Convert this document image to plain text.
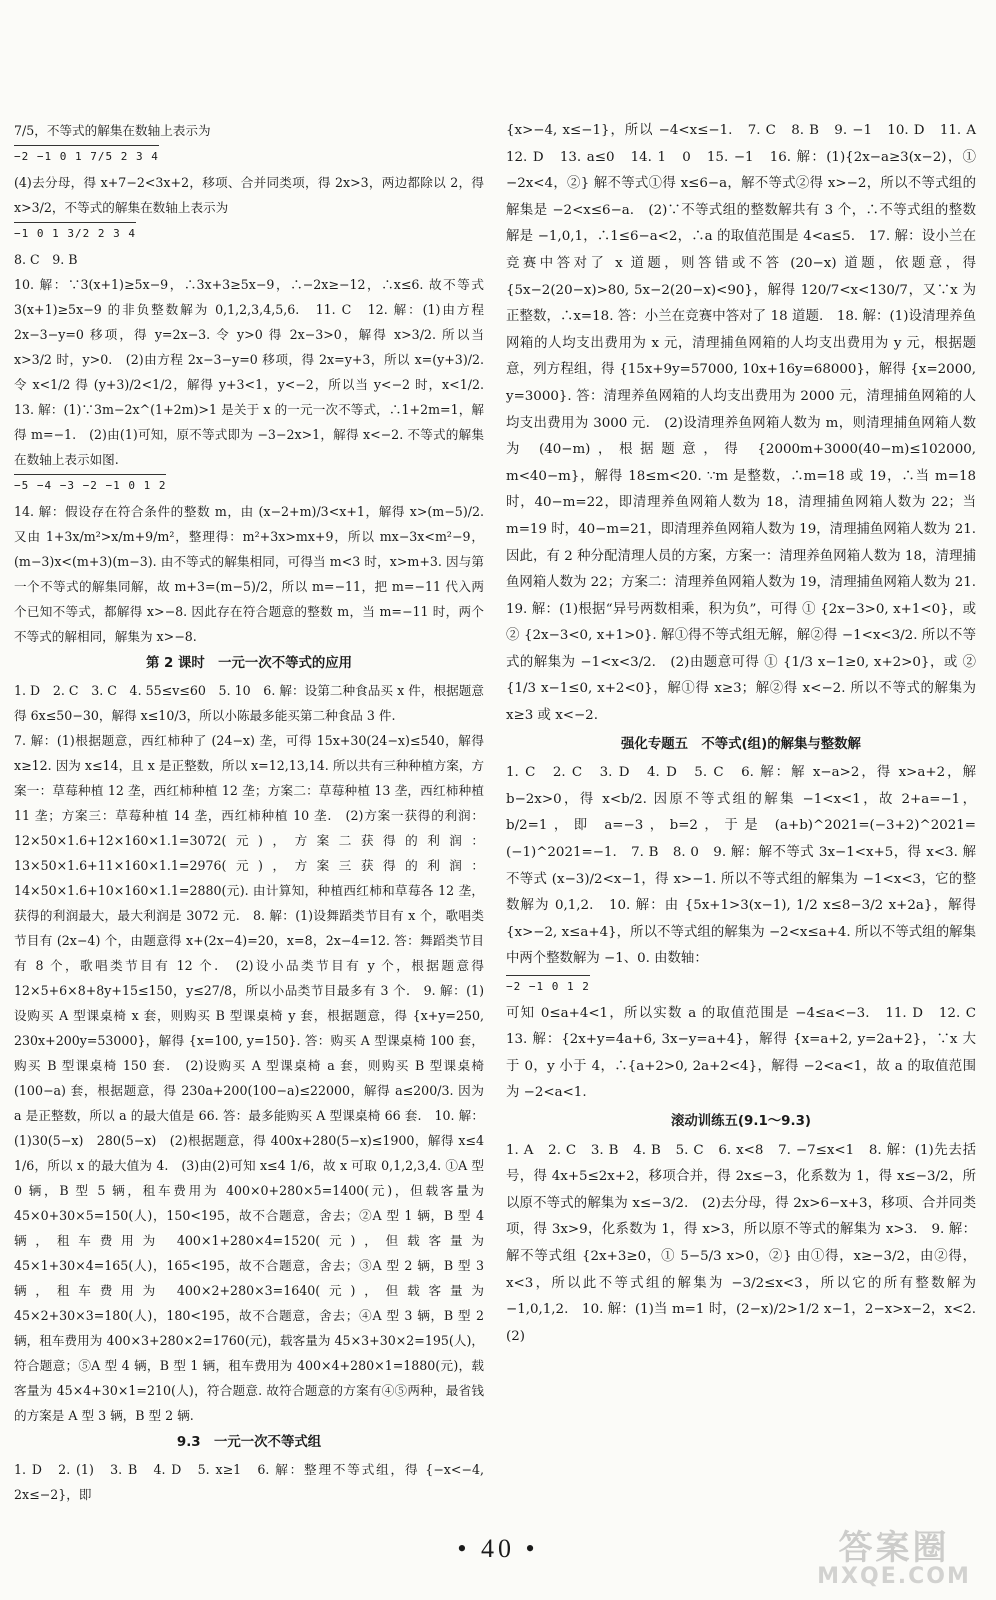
7/5，不等式的解集在数轴上表示为

−2 −1 0 1 7/5 2 3 4

(4)去分母，得 x+7−2<3x+2，移项、合并同类项，得 2x>3，两边都除以 2，得 x>3/2，不等式的解集在数轴上表示为

−1 0 1 3/2 2 3 4

8. C　9. B

10. 解：∵3(x+1)≥5x−9，∴3x+3≥5x−9，∴−2x≥−12，∴x≤6. 故不等式 3(x+1)≥5x−9 的非负整数解为 0,1,2,3,4,5,6.　11. C　12. 解：(1)由方程 2x−3−y=0 移项，得 y=2x−3. 令 y>0 得 2x−3>0，解得 x>3/2. 所以当 x>3/2 时，y>0.　(2)由方程 2x−3−y=0 移项，得 2x=y+3，所以 x=(y+3)/2. 令 x<1/2 得 (y+3)/2<1/2，解得 y+3<1，y<−2，所以当 y<−2 时，x<1/2.　13. 解：(1)∵3m−2x^(1+2m)>1 是关于 x 的一元一次不等式，∴1+2m=1，解得 m=−1.　(2)由(1)可知，原不等式即为 −3−2x>1，解得 x<−2. 不等式的解集在数轴上表示如图.

−5 −4 −3 −2 −1 0 1 2

14. 解：假设存在符合条件的整数 m，由 (x−2+m)/3<x+1，解得 x>(m−5)/2. 又由 1+3x/m²>x/m+9/m²，整理得：m²+3x>mx+9，所以 mx−3x<m²−9，(m−3)x<(m+3)(m−3). 由不等式的解集相同，可得当 m<3 时，x>m+3. 因与第一个不等式的解集同解，故 m+3=(m−5)/2，所以 m=−11，把 m=−11 代入两个已知不等式，都解得 x>−8. 因此存在符合题意的整数 m，当 m=−11 时，两个不等式的解相同，解集为 x>−8.

第 2 课时　一元一次不等式的应用

1. D　2. C　3. C　4. 55≤v≤60　5. 10　6. 解：设第二种食品买 x 件，根据题意得 6x≤50−30，解得 x≤10/3，所以小陈最多能买第二种食品 3 件.

7. 解：(1)根据题意，西红柿种了 (24−x) 垄，可得 15x+30(24−x)≤540，解得 x≥12. 因为 x≤14，且 x 是正整数，所以 x=12,13,14. 所以共有三种种植方案，方案一：草莓种植 12 垄，西红柿种植 12 垄；方案二：草莓种植 13 垄，西红柿种植 11 垄；方案三：草莓种植 14 垄，西红柿种植 10 垄.　(2)方案一获得的利润：12×50×1.6+12×160×1.1=3072(元)，方案二获得的利润：13×50×1.6+11×160×1.1=2976(元)，方案三获得的利润：14×50×1.6+10×160×1.1=2880(元). 由计算知，种植西红柿和草莓各 12 垄，获得的利润最大，最大利润是 3072 元.　8. 解：(1)设舞蹈类节目有 x 个，歌唱类节目有 (2x−4) 个，由题意得 x+(2x−4)=20，x=8，2x−4=12. 答：舞蹈类节目有 8 个，歌唱类节目有 12 个.　(2)设小品类节目有 y 个，根据题意得 12×5+6×8+8y+15≤150，y≤27/8，所以小品类节目最多有 3 个.　9. 解：(1)设购买 A 型课桌椅 x 套，则购买 B 型课桌椅 y 套，根据题意，得 {x+y=250, 230x+200y=53000}，解得 {x=100, y=150}. 答：购买 A 型课桌椅 100 套，购买 B 型课桌椅 150 套.　(2)设购买 A 型课桌椅 a 套，则购买 B 型课桌椅 (100−a) 套，根据题意，得 230a+200(100−a)≤22000，解得 a≤200/3. 因为 a 是正整数，所以 a 的最大值是 66. 答：最多能购买 A 型课桌椅 66 套.　10. 解：(1)30(5−x)　280(5−x)　(2)根据题意，得 400x+280(5−x)≤1900，解得 x≤4 1/6，所以 x 的最大值为 4.　(3)由(2)可知 x≤4 1/6，故 x 可取 0,1,2,3,4. ①A 型 0 辆，B 型 5 辆，租车费用为 400×0+280×5=1400(元)，但载客量为 45×0+30×5=150(人)，150<195，故不合题意，舍去；②A 型 1 辆，B 型 4 辆，租车费用为 400×1+280×4=1520(元)，但载客量为 45×1+30×4=165(人)，165<195，故不合题意，舍去；③A 型 2 辆，B 型 3 辆，租车费用为 400×2+280×3=1640(元)，但载客量为 45×2+30×3=180(人)，180<195，故不合题意，舍去；④A 型 3 辆，B 型 2 辆，租车费用为 400×3+280×2=1760(元)，载客量为 45×3+30×2=195(人)，符合题意；⑤A 型 4 辆，B 型 1 辆，租车费用为 400×4+280×1=1880(元)，载客量为 45×4+30×1=210(人)，符合题意. 故符合题意的方案有④⑤两种，最省钱的方案是 A 型 3 辆，B 型 2 辆.

9.3　一元一次不等式组

1. D　2. (1)　3. B　4. D　5. x≥1　6. 解：整理不等式组，得 {−x<−4, 2x≤−2}，即

{x>−4, x≤−1}，所以 −4<x≤−1.　7. C　8. B　9. −1　10. D　11. A　12. D　13. a≤0　14. 1　0　15. −1　16. 解：(1){2x−a≥3(x−2)，① −2x<4，②} 解不等式①得 x≤6−a，解不等式②得 x>−2，所以不等式组的解集是 −2<x≤6−a.　(2)∵不等式组的整数解共有 3 个，∴不等式组的整数解是 −1,0,1，∴1≤6−a<2，∴a 的取值范围是 4<a≤5.　17. 解：设小兰在竞赛中答对了 x 道题，则答错或不答 (20−x) 道题，依题意，得 {5x−2(20−x)>80, 5x−2(20−x)<90}，解得 120/7<x<130/7，又∵x 为正整数，∴x=18. 答：小兰在竞赛中答对了 18 道题.　18. 解：(1)设清理养鱼网箱的人均支出费用为 x 元，清理捕鱼网箱的人均支出费用为 y 元，根据题意，列方程组，得 {15x+9y=57000, 10x+16y=68000}，解得 {x=2000, y=3000}. 答：清理养鱼网箱的人均支出费用为 2000 元，清理捕鱼网箱的人均支出费用为 3000 元.　(2)设清理养鱼网箱人数为 m，则清理捕鱼网箱人数为 (40−m)，根据题意，得 {2000m+3000(40−m)≤102000, m<40−m}，解得 18≤m<20. ∵m 是整数，∴m=18 或 19，∴当 m=18 时，40−m=22，即清理养鱼网箱人数为 18，清理捕鱼网箱人数为 22；当 m=19 时，40−m=21，即清理养鱼网箱人数为 19，清理捕鱼网箱人数为 21. 因此，有 2 种分配清理人员的方案，方案一：清理养鱼网箱人数为 18，清理捕鱼网箱人数为 22；方案二：清理养鱼网箱人数为 19，清理捕鱼网箱人数为 21.　19. 解：(1)根据“异号两数相乘，积为负”，可得 ① {2x−3>0, x+1<0}，或 ② {2x−3<0, x+1>0}. 解①得不等式组无解，解②得 −1<x<3/2. 所以不等式的解集为 −1<x<3/2.　(2)由题意可得 ① {1/3 x−1≥0, x+2>0}，或 ② {1/3 x−1≤0, x+2<0}，解①得 x≥3；解②得 x<−2. 所以不等式的解集为 x≥3 或 x<−2.

强化专题五　不等式(组)的解集与整数解

1. C　2. C　3. D　4. D　5. C　6. 解：解 x−a>2，得 x>a+2，解 b−2x>0，得 x<b/2. 因原不等式组的解集 −1<x<1，故 2+a=−1，b/2=1，即 a=−3，b=2，于是 (a+b)^2021=(−3+2)^2021=(−1)^2021=−1.　7. B　8. 0　9. 解：解不等式 3x−1<x+5，得 x<3. 解不等式 (x−3)/2<x−1，得 x>−1. 所以不等式组的解集为 −1<x<3，它的整数解为 0,1,2.　10. 解：由 {5x+1>3(x−1), 1/2 x≤8−3/2 x+2a}，解得 {x>−2, x≤a+4}，所以不等式组的解集为 −2<x≤a+4. 所以不等式组的解集中两个整数解为 −1、0. 由数轴：

−2 −1 0 1 2

可知 0≤a+4<1，所以实数 a 的取值范围是 −4≤a<−3.　11. D　12. C　13. 解：{2x+y=4a+6, 3x−y=a+4}，解得 {x=a+2, y=2a+2}，∵x 大于 0，y 小于 4，∴{a+2>0, 2a+2<4}，解得 −2<a<1，故 a 的取值范围为 −2<a<1.

滚动训练五(9.1～9.3)

1. A　2. C　3. B　4. B　5. C　6. x<8　7. −7≤x<1　8. 解：(1)先去括号，得 4x+5≤2x+2，移项合并，得 2x≤−3，化系数为 1，得 x≤−3/2，所以原不等式的解集为 x≤−3/2.　(2)去分母，得 2x>6−x+3，移项、合并同类项，得 3x>9，化系数为 1，得 x>3，所以原不等式的解集为 x>3.　9. 解：解不等式组 {2x+3≥0，① 5−5/3 x>0，②} 由①得，x≥−3/2，由②得，x<3，所以此不等式组的解集为 −3/2≤x<3，所以它的所有整数解为 −1,0,1,2.　10. 解：(1)当 m=1 时，(2−x)/2>1/2 x−1，2−x>x−2，x<2.　(2)

• 40 •	答案圈
MXQE.COM
